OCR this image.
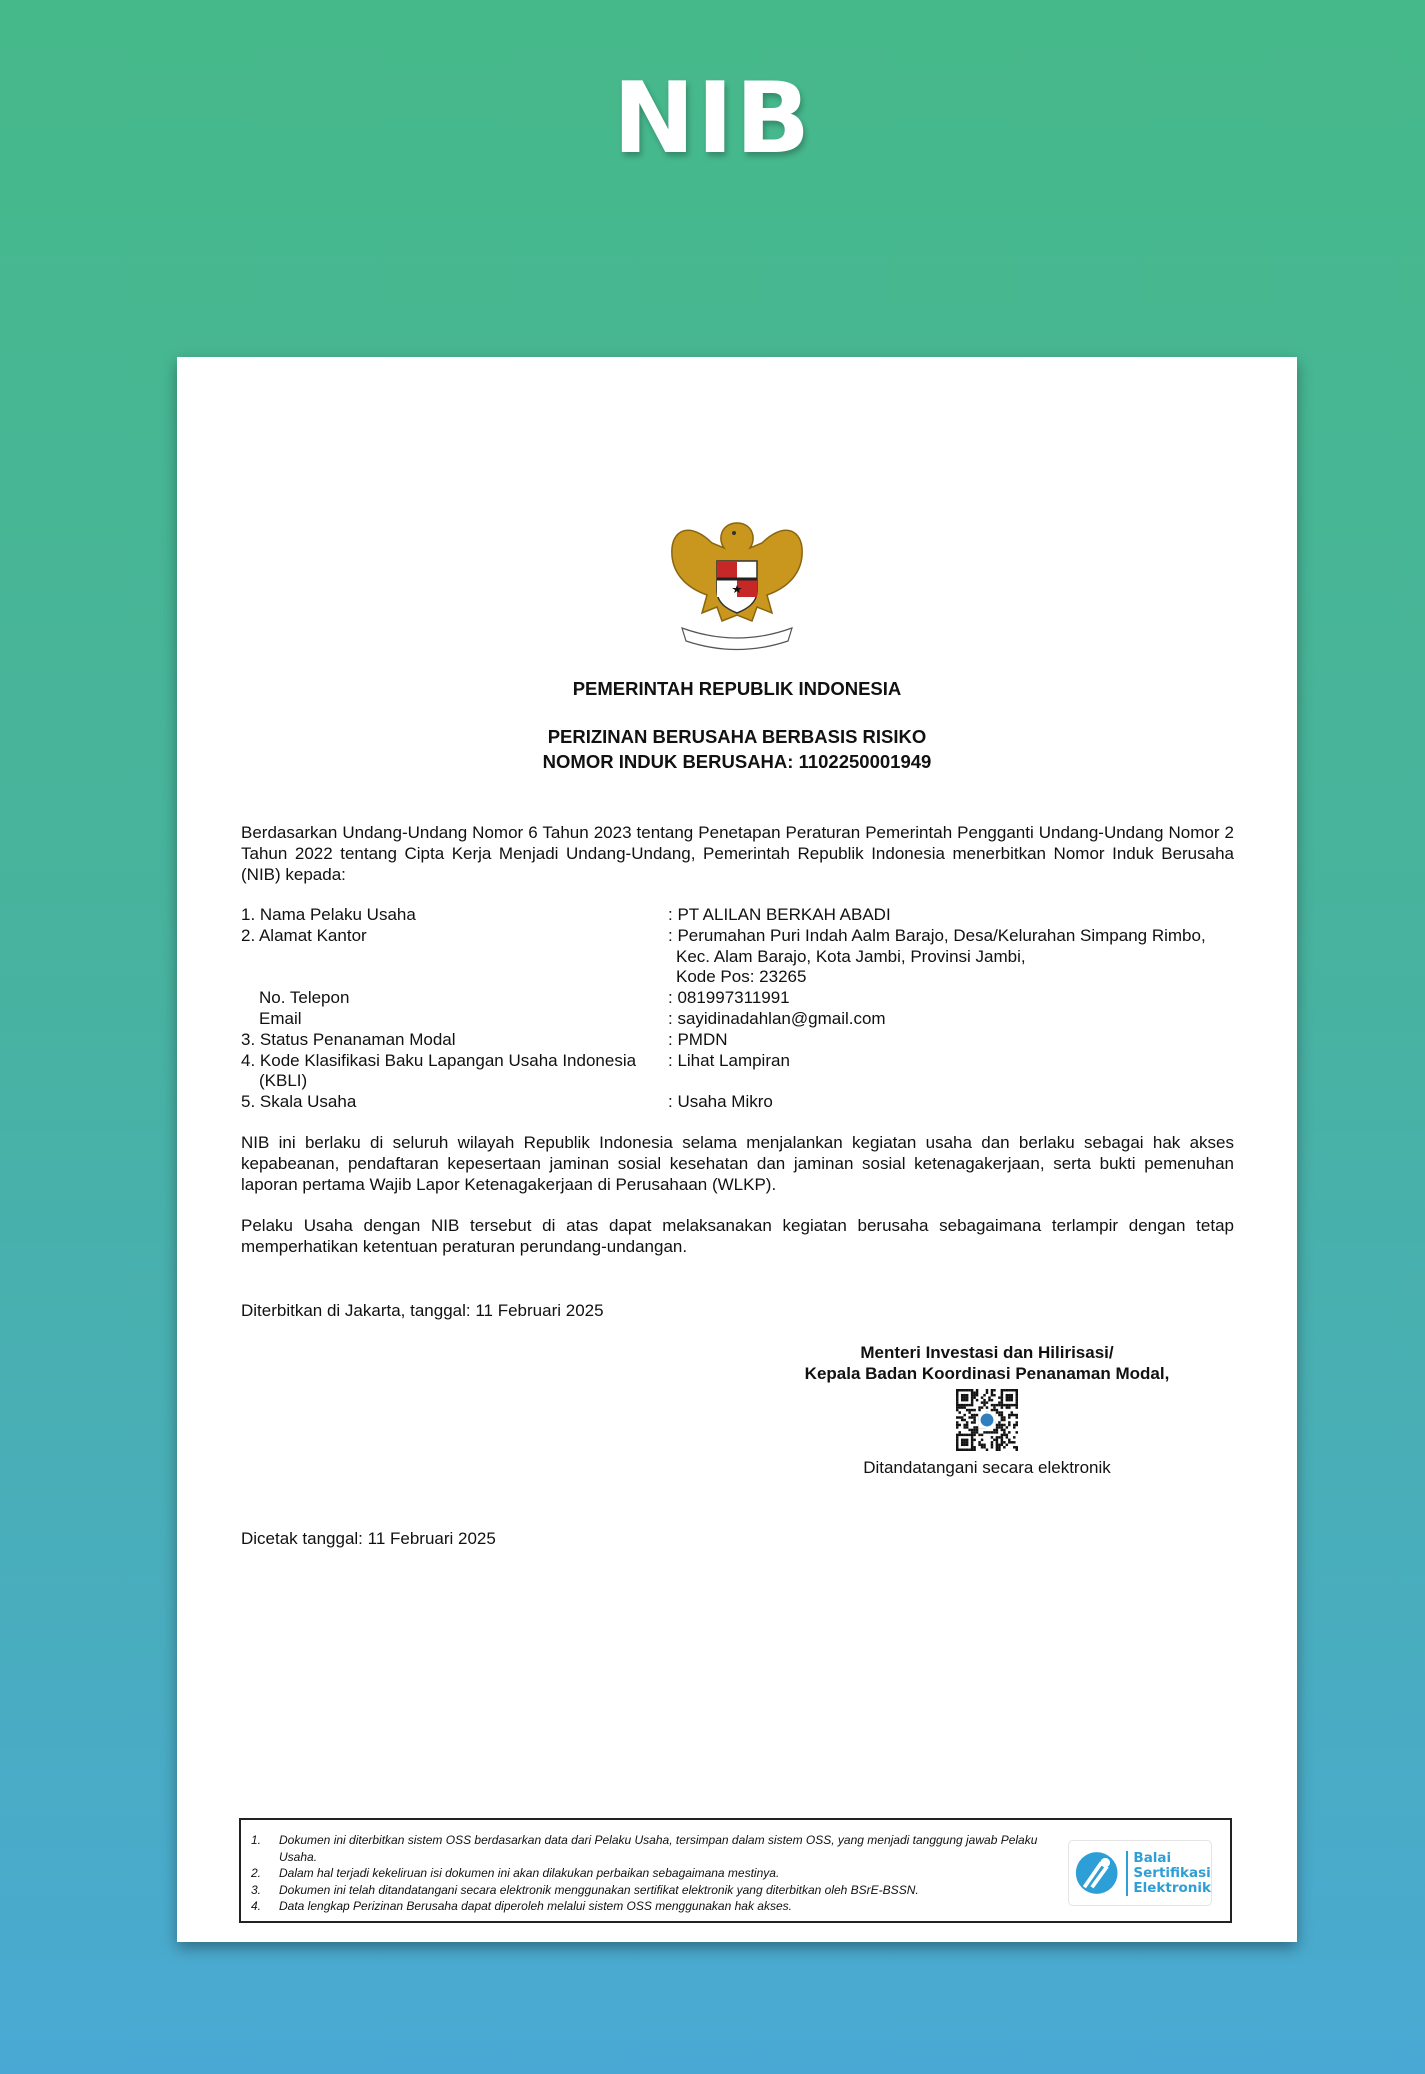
NIB
PEMERINTAH REPUBLIK INDONESIA
PERIZINAN BERUSAHA BERBASIS RISIKO
NOMOR INDUK BERUSAHA: 1102250001949
Berdasarkan Undang-Undang Nomor 6 Tahun 2023 tentang Penetapan Peraturan Pemerintah Pengganti Undang-Undang Nomor 2 Tahun 2022 tentang Cipta Kerja Menjadi Undang-Undang, Pemerintah Republik Indonesia menerbitkan Nomor Induk Berusaha (NIB) kepada:
1. Nama Pelaku Usaha	: PT ALILAN BERKAH ABADI
2. Alamat Kantor	: Perumahan Puri Indah Aalm Barajo, Desa/Kelurahan Simpang Rimbo,
Kec. Alam Barajo, Kota Jambi, Provinsi Jambi,
Kode Pos: 23265
No. Telepon	: 081997311991
Email	: sayidinadahlan@gmail.com
3. Status Penanaman Modal	: PMDN
4. Kode Klasifikasi Baku Lapangan Usaha Indonesia	: Lihat Lampiran
(KBLI)
5. Skala Usaha	: Usaha Mikro
NIB ini berlaku di seluruh wilayah Republik Indonesia selama menjalankan kegiatan usaha dan berlaku sebagai hak akses kepabeanan, pendaftaran kepesertaan jaminan sosial kesehatan dan jaminan sosial ketenagakerjaan, serta bukti pemenuhan laporan pertama Wajib Lapor Ketenagakerjaan di Perusahaan (WLKP).
Pelaku Usaha dengan NIB tersebut di atas dapat melaksanakan kegiatan berusaha sebagaimana terlampir dengan tetap memperhatikan ketentuan peraturan perundang-undangan.
Diterbitkan di Jakarta, tanggal: 11 Februari 2025
Menteri Investasi dan Hilirisasi/
Kepala Badan Koordinasi Penanaman Modal,
Ditandatangani secara elektronik
Dicetak tanggal: 11 Februari 2025
1.	Dokumen ini diterbitkan sistem OSS berdasarkan data dari Pelaku Usaha, tersimpan dalam sistem OSS, yang menjadi tanggung jawab Pelaku Usaha.
2.	Dalam hal terjadi kekeliruan isi dokumen ini akan dilakukan perbaikan sebagaimana mestinya.
3.	Dokumen ini telah ditandatangani secara elektronik menggunakan sertifikat elektronik yang diterbitkan oleh BSrE-BSSN.
4.	Data lengkap Perizinan Berusaha dapat diperoleh melalui sistem OSS menggunakan hak akses.
Balai
Sertifikasi
Elektronik
